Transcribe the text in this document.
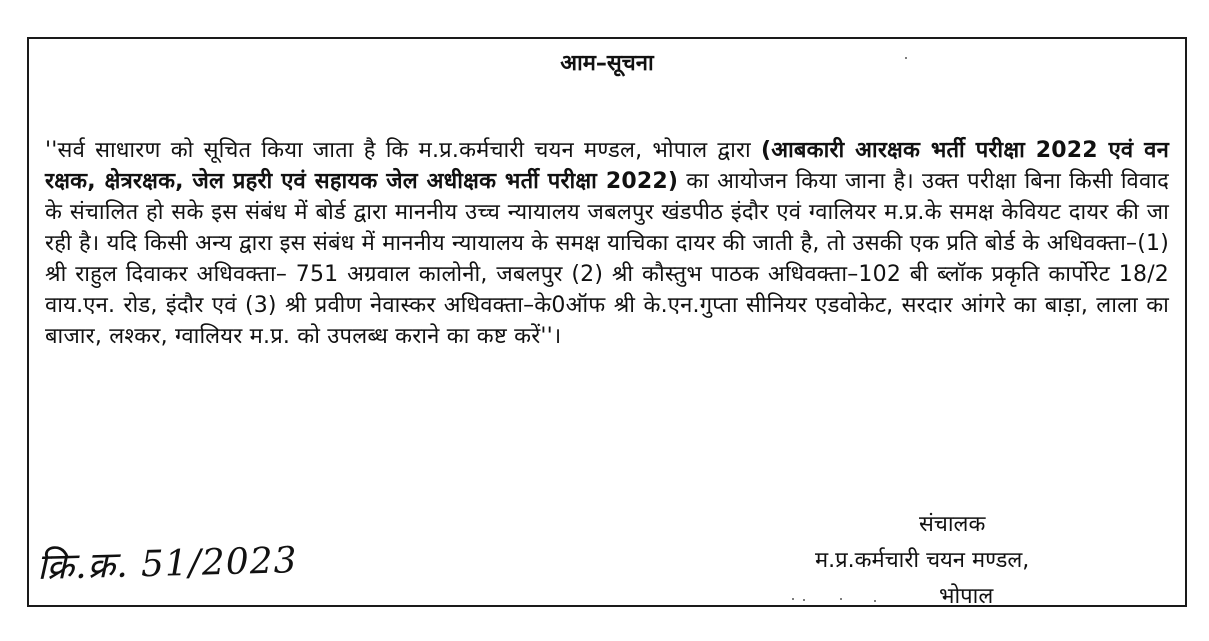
आम–सूचना
''सर्व साधारण को सूचित किया जाता है कि म.प्र.कर्मचारी चयन मण्डल, भोपाल द्वारा (आबकारी आरक्षक भर्ती परीक्षा 2022 एवं वन रक्षक, क्षेत्ररक्षक, जेल प्रहरी एवं सहायक जेल अधीक्षक भर्ती परीक्षा 2022) का आयोजन किया जाना है। उक्त परीक्षा बिना किसी विवाद के संचालित हो सके इस संबंध में बोर्ड द्वारा माननीय उच्च न्यायालय जबलपुर खंडपीठ इंदौर एवं ग्वालियर म.प्र.के समक्ष केवियट दायर की जा रही है। यदि किसी अन्य द्वारा इस संबंध में माननीय न्यायालय के समक्ष याचिका दायर की जाती है, तो उसकी एक प्रति बोर्ड के अधिवक्ता–(1) श्री राहुल दिवाकर अधिवक्ता– 751 अग्रवाल कालोनी, जबलपुर (2) श्री कौस्तुभ पाठक अधिवक्ता–102 बी ब्लॉक प्रकृति कार्पोरेट 18/2 वाय.एन. रोड, इंदौर एवं (3) श्री प्रवीण नेवास्कर अधिवक्ता–के0ऑफ श्री के.एन.गुप्ता सीनियर एडवोकेट, सरदार आंगरे का बाड़ा, लाला का बाजार, लश्कर, ग्वालियर म.प्र. को उपलब्ध कराने का कष्ट करें''।
क्रि.क्र. 51/2023
संचालक
म.प्र.कर्मचारी चयन मण्डल,
भोपाल
